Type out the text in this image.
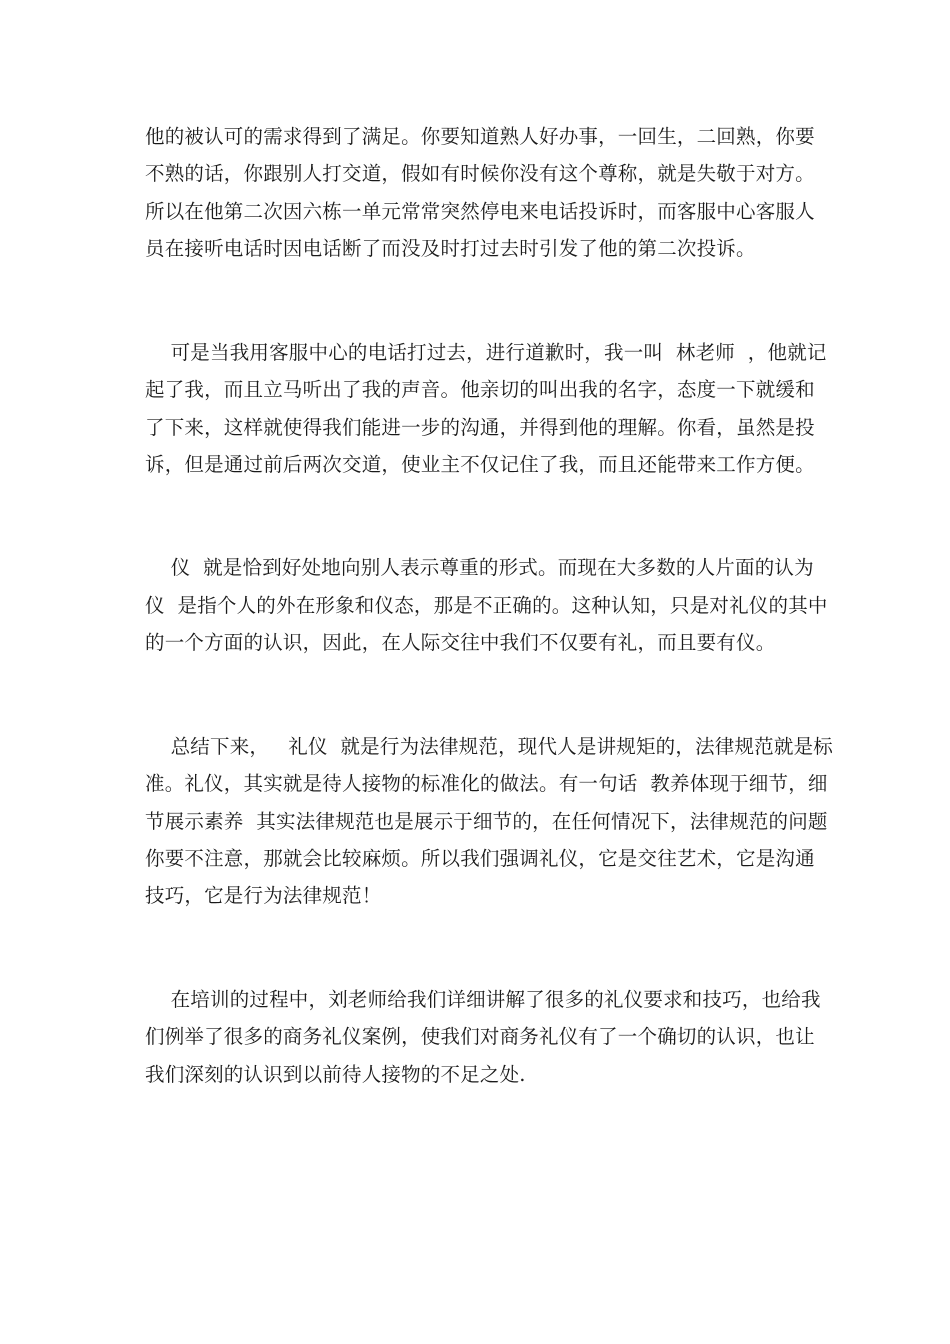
他的被认可的需求得到了满足。你要知道熟人好办事，一回生，二回熟，你要
不熟的话，你跟别人打交道，假如有时候你没有这个尊称，就是失敬于对方。
所以在他第二次因六栋一单元常常突然停电来电话投诉时，而客服中心客服人
员在接听电话时因电话断了而没及时打过去时引发了他的第二次投诉。
可是当我用客服中心的电话打过去，进行道歉时，我一叫  林老师  ，他就记
起了我，而且立马听出了我的声音。他亲切的叫出我的名字，态度一下就缓和
了下来，这样就使得我们能进一步的沟通，并得到他的理解。你看，虽然是投
诉，但是通过前后两次交道，使业主不仅记住了我，而且还能带来工作方便。
仪  就是恰到好处地向别人表示尊重的形式。而现在大多数的人片面的认为
仪  是指个人的外在形象和仪态，那是不正确的。这种认知，只是对礼仪的其中
的一个方面的认识，因此，在人际交往中我们不仅要有礼，而且要有仪。
总结下来，   礼仪  就是行为法律规范，现代人是讲规矩的，法律规范就是标
准。礼仪，其实就是待人接物的标准化的做法。有一句话  教养体现于细节，细
节展示素养  其实法律规范也是展示于细节的，在任何情况下，法律规范的问题
你要不注意，那就会比较麻烦。所以我们强调礼仪，它是交往艺术，它是沟通
技巧，它是行为法律规范！
在培训的过程中，刘老师给我们详细讲解了很多的礼仪要求和技巧，也给我
们例举了很多的商务礼仪案例，使我们对商务礼仪有了一个确切的认识，也让
我们深刻的认识到以前待人接物的不足之处.
